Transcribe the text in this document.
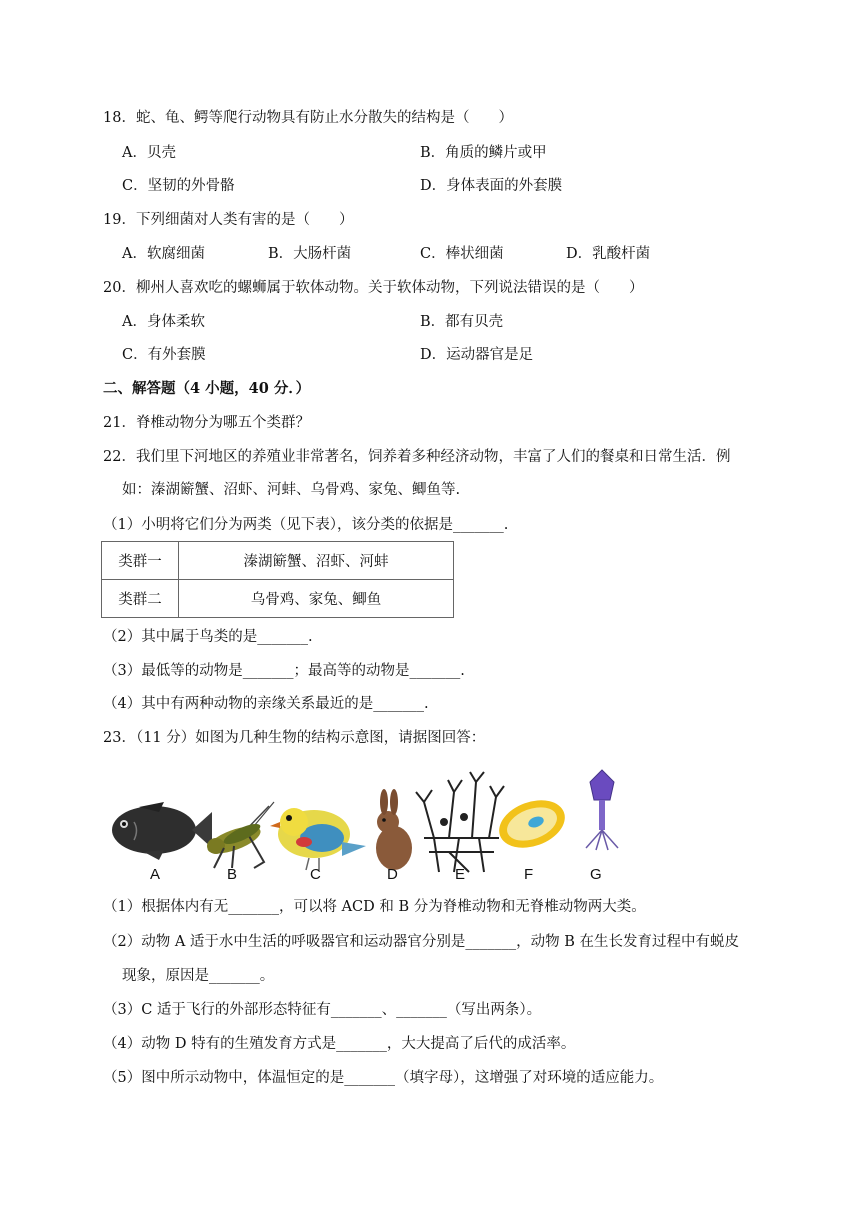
18．蛇、龟、鳄等爬行动物具有防止水分散失的结构是（　　）
A．贝壳	B．角质的鳞片或甲
C．坚韧的外骨骼	D．身体表面的外套膜
19．下列细菌对人类有害的是（　　）
A．软腐细菌	B．大肠杆菌	C．棒状细菌	D．乳酸杆菌
20．柳州人喜欢吃的螺蛳属于软体动物。关于软体动物，下列说法错误的是（　　）
A．身体柔软	B．都有贝壳
C．有外套膜	D．运动器官是足
二、解答题（4 小题，40 分．）
21．脊椎动物分为哪五个类群？
22．我们里下河地区的养殖业非常著名，饲养着多种经济动物，丰富了人们的餐桌和日常生活．例
如：溱湖簖蟹、沼虾、河蚌、乌骨鸡、家兔、鲫鱼等.
（1）小明将它们分为两类（见下表），该分类的依据是_______.
类群一	溱湖簖蟹、沼虾、河蚌
类群二	乌骨鸡、家兔、鲫鱼
（2）其中属于鸟类的是_______.
（3）最低等的动物是_______；最高等的动物是_______.
（4）其中有两种动物的亲缘关系最近的是_______.
23．（11 分）如图为几种生物的结构示意图，请据图回答：
A	B	C	D	E	F	G
（1）根据体内有无_______，可以将 ACD 和 B 分为脊椎动物和无脊椎动物两大类。
（2）动物 A 适于水中生活的呼吸器官和运动器官分别是_______，动物 B 在生长发育过程中有蜕皮
现象，原因是_______。
（3）C 适于飞行的外部形态特征有_______、_______（写出两条）。
（4）动物 D 特有的生殖发育方式是_______，大大提高了后代的成活率。
（5）图中所示动物中，体温恒定的是_______（填字母），这增强了对环境的适应能力。
